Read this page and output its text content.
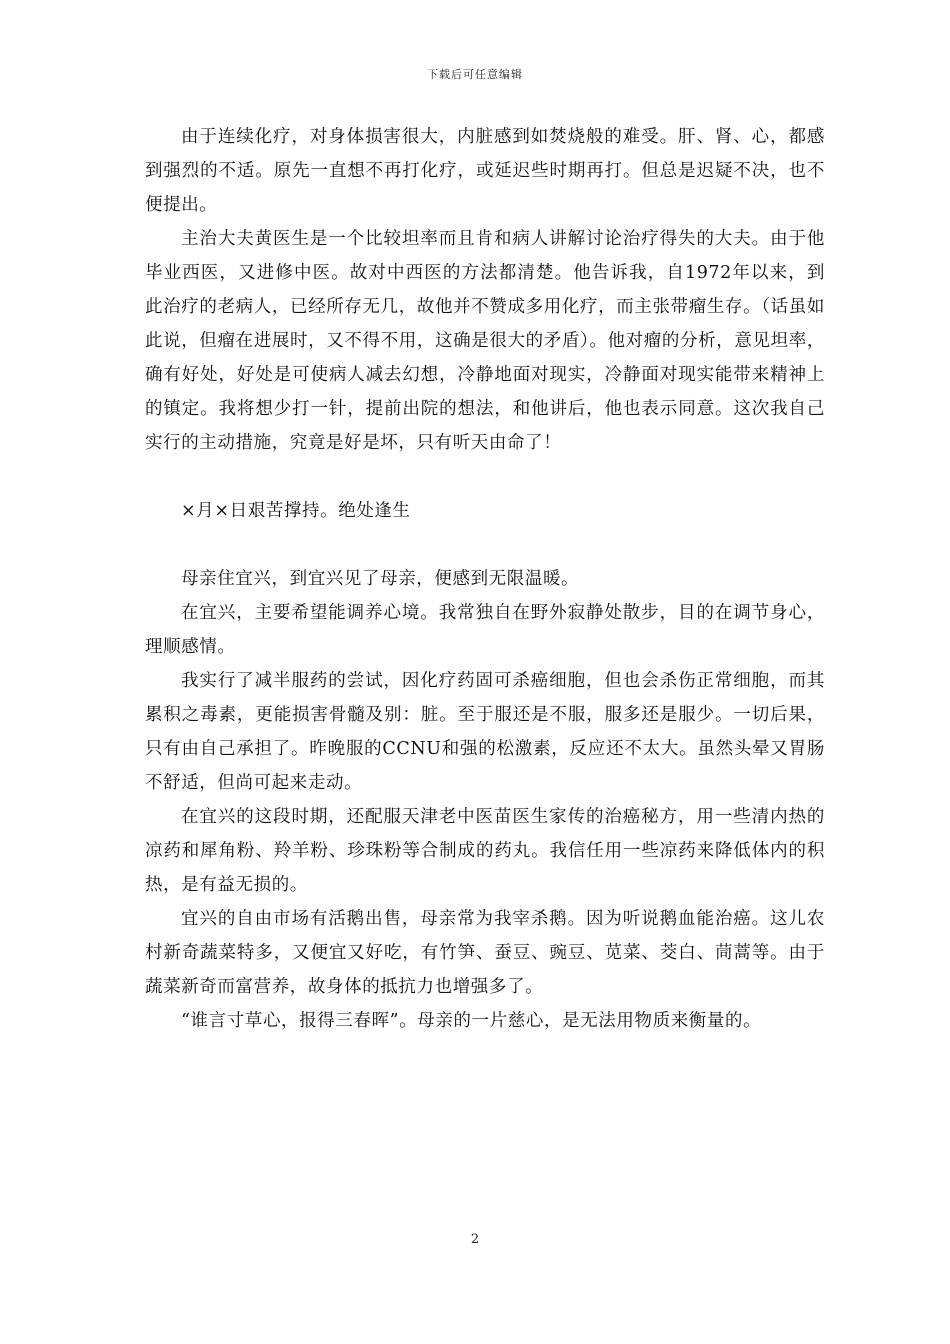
下载后可任意编辑

由于连续化疗，对身体损害很大，内脏感到如焚烧般的难受。肝、肾、心，都感到强烈的不适。原先一直想不再打化疗，或延迟些时期再打。但总是迟疑不决，也不便提出。

主治大夫黄医生是一个比较坦率而且肯和病人讲解讨论治疗得失的大夫。由于他毕业西医，又进修中医。故对中西医的方法都清楚。他告诉我，自1972年以来，到此治疗的老病人，已经所存无几，故他并不赞成多用化疗，而主张带瘤生存。（话虽如此说，但瘤在进展时，又不得不用，这确是很大的矛盾）。他对瘤的分析，意见坦率，确有好处，好处是可使病人减去幻想，冷静地面对现实，冷静面对现实能带来精神上的镇定。我将想少打一针，提前出院的想法，和他讲后，他也表示同意。这次我自己实行的主动措施，究竟是好是坏，只有听天由命了！

×月×日艰苦撑持。绝处逢生

母亲住宜兴，到宜兴见了母亲，便感到无限温暖。

在宜兴，主要希望能调养心境。我常独自在野外寂静处散步，目的在调节身心，理顺感情。

我实行了减半服药的尝试，因化疗药固可杀癌细胞，但也会杀伤正常细胞，而其累积之毒素，更能损害骨髓及别：脏。至于服还是不服，服多还是服少。一切后果，只有由自己承担了。昨晚服的CCNU和强的松激素，反应还不太大。虽然头晕又胃肠不舒适，但尚可起来走动。

在宜兴的这段时期，还配服天津老中医苗医生家传的治癌秘方，用一些清内热的凉药和犀角粉、羚羊粉、珍珠粉等合制成的药丸。我信任用一些凉药来降低体内的积热，是有益无损的。

宜兴的自由市场有活鹅出售，母亲常为我宰杀鹅。因为听说鹅血能治癌。这儿农村新奇蔬菜特多，又便宜又好吃，有竹笋、蚕豆、豌豆、苋菜、茭白、茼蒿等。由于蔬菜新奇而富营养，故身体的抵抗力也增强多了。

“谁言寸草心，报得三春晖”。母亲的一片慈心，是无法用物质来衡量的。

2
